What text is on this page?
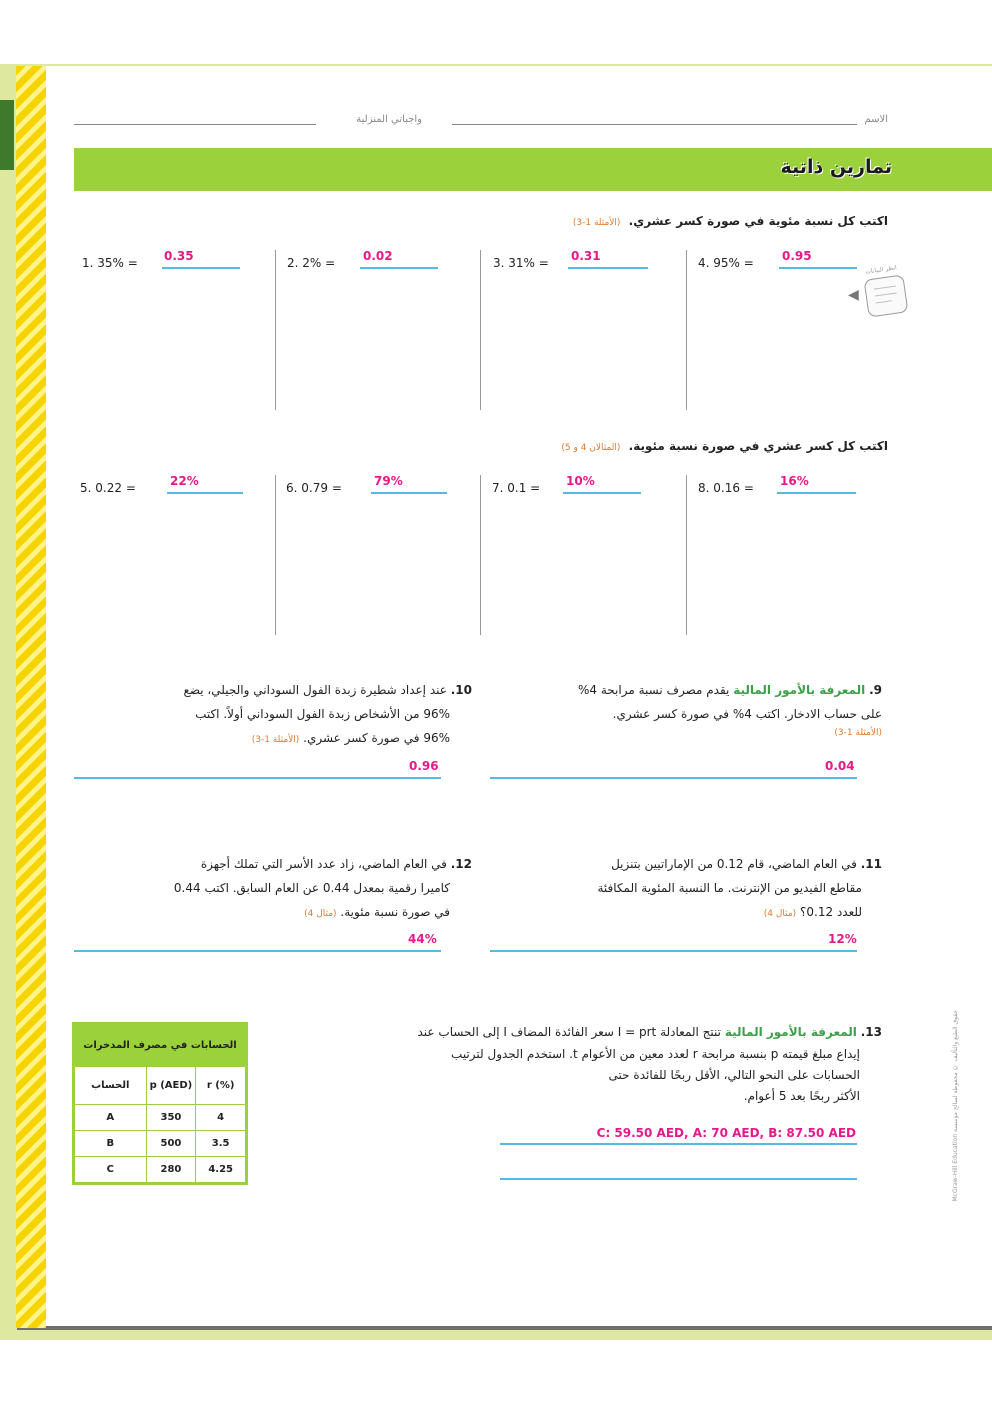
الاسم
واجباتي المنزلية
تمارين ذاتية
اكتب كل نسبة مئوية في صورة كسر عشري. (الأمثلة 1-3)
1. 35% = 0.35	2. 2% = 0.02	3. 31% = 0.31	4. 95% = 0.95
◀
انظر البيانات
اكتب كل كسر عشري في صورة نسبة مئوية. (المثالان 4 و 5)
5. 0.22 =	22%	6. 0.79 =	79%	7. 0.1 = 10%	8. 0.16 = 16%
9. المعرفة بالأمور المالية يقدم مصرف نسبة مرابحة 4%
على حساب الادخار. اكتب 4% في صورة كسر عشري.
(الأمثلة 1-3)
0.04
10. عند إعداد شطيرة زبدة الفول السوداني والجيلي، يضع
96% من الأشخاص زبدة الفول السوداني أولاً. اكتب
96% في صورة كسر عشري. (الأمثلة 1-3)
0.96
11. في العام الماضي، قام 0.12 من الإماراتيين بتنزيل
مقاطع الفيديو من الإنترنت. ما النسبة المئوية المكافئة
للعدد 0.12؟ (مثال 4)
12%
12. في العام الماضي، زاد عدد الأسر التي تملك أجهزة
كاميرا رقمية بمعدل 0.44 عن العام السابق. اكتب 0.44
في صورة نسبة مئوية. (مثال 4)
44%
13. المعرفة بالأمور المالية تنتج المعادلة I = prt سعر الفائدة المضاف I إلى الحساب عند
إيداع مبلغ قيمته p بنسبة مرابحة r لعدد معين من الأعوام t. استخدم الجدول لترتيب
الحسابات على النحو التالي، الأقل ربحًا للفائدة حتى
الأكثر ربحًا بعد 5 أعوام.
C: 59.50 AED, A: 70 AED, B: 87.50 AED
الحسابات في مصرف المدخرات		
الحساب	p (AED)	r (%)
A	350	4
B	500	3.5
C	280	4.25	McGraw-Hill Education حقوق الطبع والتأليف © محفوظة لصالح مؤسسة
